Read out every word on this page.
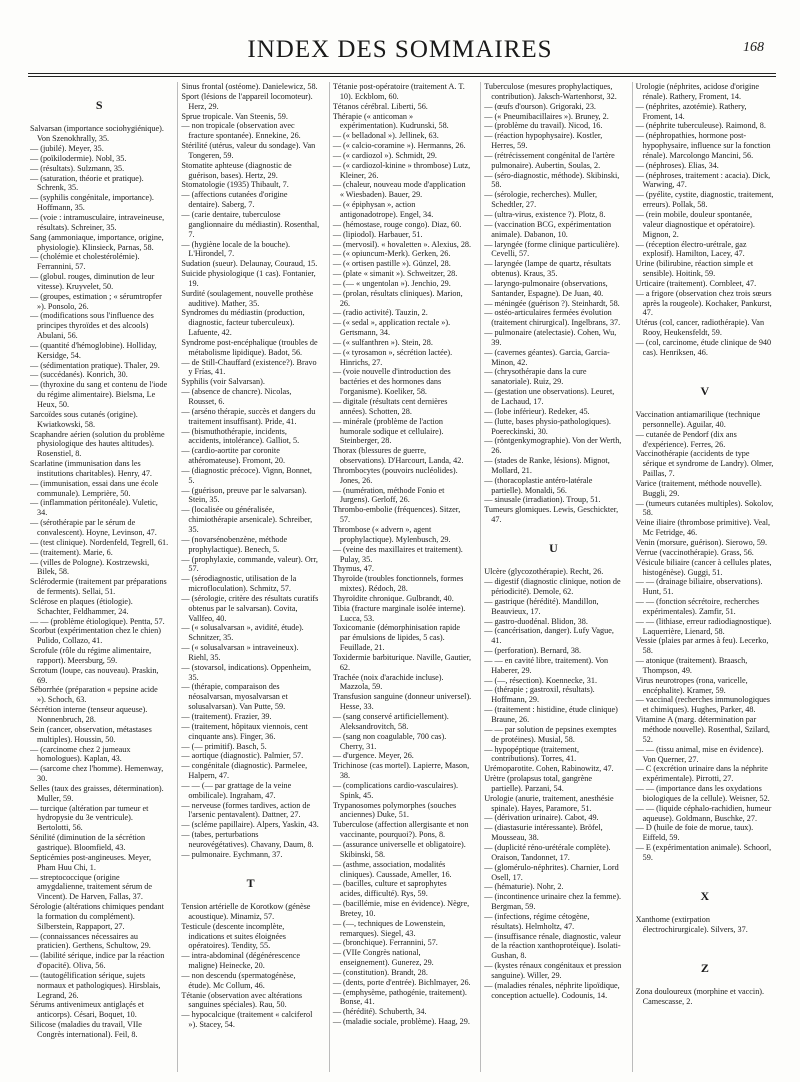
INDEX DES SOMMAIRES	168
S
Salvarsan (importance sociohygiénique). Von Szenokhrally, 35.
— (jubilé). Meyer, 35.
— (poïkilodermie). Nobl, 35.
— (résultats). Sulzmann, 35.
— (saturation, théorie et pratique). Schrenk, 35.
— (syphilis congénitale, importance). Hoffmann, 35.
— (voie : intramusculaire, intraveineuse, résultats). Schreiner, 35.
Sang (ammoniaque, importance, origine, physiologie). Klinsieck, Parnas, 58.
— (cholémie et cholestérolémie). Ferrannini, 57.
— (globul. rouges, diminution de leur vitesse). Kruyvelet, 50.
— (groupes, estimation ; « sérumtropfer »). Ponsolo, 26.
— (modifications sous l'influence des principes thyroïdes et des alcools) Abulani, 56.
— (quantité d'hémoglobine). Holliday, Kersidge, 54.
— (sédimentation pratique). Thaler, 29.
— (succédanés). Konrich, 30.
— (thyroxine du sang et contenu de l'iode du régime alimentaire). Bielsma, Le Heux, 50.
Sarcoïdes sous cutanés (origine). Kwiatkowski, 58.
Scaphandre aérien (solution du problème physiologique des hautes altitudes). Rosenstiel, 8.
Scarlatine (immunisation dans les institutions charitables). Henry, 47.
— (immunisation, essai dans une école communale). Lemprière, 50.
— (inflammation péritonéale). Vuletic, 34.
— (sérothérapie par le sérum de convalescent). Hoyne, Levinson, 47.
— (test clinique). Nordenfeld, Tegrell, 61.
— (traitement). Marie, 6.
— (villes de Pologne). Kostrzewski, Bilek, 58.
Sclérodermie (traitement par préparations de ferments). Sellai, 51.
Sclérose en plaques (étiologie). Schachter, Feldhammer, 24.
— — (problème étiologique). Pentta, 57.
Scorbut (expérimentation chez le chien) Pulido, Collazo, 41.
Scrofule (rôle du régime alimentaire, rapport). Meersburg, 59.
Scrotum (loupe, cas nouveau). Praskin, 69.
Séborrhée (préparation « pepsine acide »). Schoch, 63.
Sécrétion interne (tenseur aqueuse). Nonnenbruch, 28.
Sein (cancer, observation, métastases multiples). Houssin, 50.
— (carcinome chez 2 jumeaux homologues). Kaplan, 43.
— (sarcome chez l'homme). Hemenway, 30.
Selles (taux des graisses, détermination). Muller, 59.
— turcique (altération par tumeur et hydropysie du 3e ventricule). Bertolotti, 56.
Sénilité (diminution de la sécrétion gastrique). Bloomfield, 43.
Septicémies post-angineuses. Meyer, Pham Huu Chi, 1.
— streptococcique (origine amygdalienne, traitement sérum de Vincent). De Harven, Fallas, 37.
Sérologie (altérations chimiques pendant la formation du complément). Silberstein, Rappaport, 27.
— (connaissances nécessaires au praticien). Gerthens, Schultow, 29.
— (labilité sérique, indice par la réaction d'opacité). Oliva, 56.
— (tautogélification sérique, sujets normaux et pathologiques). Hirsblais, Legrand, 26.
Sérums antivenimeux antiglaçés et anticorps). Césari, Boquet, 10.
Silicose (maladies du travail, VIIe Congrès international). Feil, 8.
Sinus frontal (ostéome). Danielewicz, 58.
Sport (lésions de l'appareil locomoteur). Herz, 29.
Sprue tropicale. Van Steenis, 59.
— non tropicale (observation avec fracture spontanée). Ennekine, 26.
Stérilité (utérus, valeur du sondage). Van Tongeren, 59.
Stomatite aphteuse (diagnostic de guérison, bases). Hertz, 29.
Stomatologie (1935) Thibault, 7.
— (affections cutanées d'origine dentaire). Saberg, 7.
— (carie dentaire, tuberculose ganglionnaire du médiastin). Rosenthal, 7.
— (hygiène locale de la bouche). L'Hirondel, 7.
Sudation (sueur). Delaunay, Couraud, 15.
Suicide physiologique (1 cas). Fontanier, 19.
Surdité (soulagement, nouvelle prothèse auditive). Mather, 35.
Syndromes du médiastin (production, diagnostic, facteur tuberculeux). Lafuente, 42.
Syndrome post-encéphalique (troubles de métabolisme lipidique). Badot, 56.
— de Still-Chauffard (existence?). Bravo y Frías, 41.
Syphilis (voir Salvarsan).
— (absence de chancre). Nicolas, Rousset, 6.
— (arséno thérapie, succès et dangers du traitement insuffisant). Pride, 41.
— (bismuthothérapie, incidents, accidents, intolérance). Galliot, 5.
— (cardio-aortite par coronite athéromateuse). Fromont, 20.
— (diagnostic précoce). Vignn, Bonnet, 5.
— (guérison, preuve par le salvarsan). Stein, 35.
— (localisée ou généralisée, chimiothérapie arsenicale). Schreiber, 35.
— (novarsénobenzène, méthode prophylactique). Benech, 5.
— (prophylaxie, commande, valeur). Orr, 57.
— (sérodiagnostic, utilisation de la microfloculation). Schmitz, 57.
— (sérologie, critère des résultats curatifs obtenus par le salvarsan). Covita, Vallfeo, 40.
— (« solusalvarsan », avidité, étude). Schnitzer, 35.
— (« solusalvarsan » intraveineux). Riehl, 35.
— (stovarsol, indications). Oppenheim, 35.
— (thérapie, comparaison des néosalvarsan, myosalvarsan et solusalvarsan). Van Putte, 59.
— (traitement). Frazier, 39.
— (traitement, hôpitaux viennois, cent cinquante ans). Finger, 36.
— (— primitif). Basch, 5.
— aortique (diagnostic). Palmier, 57.
— congénitale (diagnostic). Parmelee, Halpern, 47.
— — (— par grattage de la veine ombilicale). Ingraham, 47.
— nerveuse (formes tardives, action de l'arsenic pentavalent). Dattner, 27.
— (scléme papillaire). Alpers, Yaskin, 43.
— (tabes, perturbations neurovégétatives). Chavany, Daum, 8.
— pulmonaire. Eychmann, 37.
T
Tension artérielle de Korotkow (génèse acoustique). Minamiz, 57.
Testicule (descente incomplète, indications et suites éloignées opératoires). Tendity, 55.
— intra-abdominal (dégénérescence maligne) Heinecke, 20.
— non descendu (spermatogénèse, étude). Mc Collum, 46.
Tétanie (observation avec altérations sanguines spéciales). Rau, 50.
— hypocalcique (traitement « calciferol »). Stacey, 54.
Tétanie post-opératoire (traitement A. T. 10). Eckblom, 60.
Tétanos cérébral. Liberti, 56.
Thérapie (« anticoman » expérimentation). Kudrunski, 58.
— (« belladonal »). Jellinek, 63.
— (« calcio-coramine »). Hermanns, 26.
— (« cardiozol »). Schmidt, 29.
— (« cardiozol-kinine » thrombose) Lutz, Kleiner, 26.
— (chaleur, nouveau mode d'application « Wiesbaden). Bauer, 29.
— (« épiphysan », action antigonadotrope). Engel, 34.
— (hémostase, rouge congo). Diaz, 60.
— (lipiodol). Harbauer, 51.
— (mervosil). « hovaletten ». Alexius, 28.
— (« opiuncum-Merk). Gerken, 26.
— (« ortisen pastille »). Günzel, 28.
— (plate « simanit »). Schweitzer, 28.
— (— « ungentolan »). Jenchio, 29.
— (prolan, résultats cliniques). Marion, 26.
— (radio activité). Tauzin, 2.
— (« sedal », application rectale »). Gertsmann, 34.
— (« sulfanthren »). Stein, 28.
— (« tyrosamon », sécrétion lactée). Hinrichs, 27.
— (voie nouvelle d'introduction des bactéries et des hormones dans l'organisme). Koeliker, 58.
— digitale (résultats cent dernières années). Schotten, 28.
— minérale (problème de l'action humorale sodique et cellulaire). Steinberger, 28.
Thorax (blessures de guerre, observations). D'Harcourt, Landa, 42.
Thrombocytes (pouvoirs nucléolides). Jones, 26.
— (numération, méthode Fonio et Jurgens). Gerloff, 26.
Thrombo-embolie (fréquences). Sitzer, 57.
Thrombose (« advern », agent prophylactique). Mylenbusch, 29.
— (veine des maxillaires et traitement). Pulay, 35.
Thymus, 47.
Thyroïde (troubles fonctionnels, formes mixtes). Rédoch, 28.
Thyroïdite chronique. Gulbrandt, 40.
Tibia (fracture marginale isolée interne). Lucca, 53.
Toxicomanie (démorphinisation rapide par émulsions de lipides, 5 cas). Feuillade, 21.
Toxidermie barbiturique. Naville, Gautier, 62.
Trachée (noix d'arachide incluse). Mazzola, 59.
Transfusion sanguine (donneur universel). Hesse, 33.
— (sang conservé artificiellement). Aleksandrovitch, 58.
— (sang non coagulable, 700 cas). Cherry, 31.
— d'urgence. Meyer, 26.
Trichinose (cas mortel). Lapierre, Mason, 38.
— (complications cardio-vasculaires). Spink, 45.
Trypanosomes polymorphes (souches anciennes) Duke, 51.
Tuberculose (affection allergisante et non vaccinante, pourquoi?). Pons, 8.
— (assurance universelle et obligatoire). Skibinski, 58.
— (asthme, association, modalités cliniques). Caussade, Ameller, 16.
— (bacilles, culture et saprophytes acides, difficulté). Rys, 59.
— (bacillémie, mise en évidence). Nègre, Bretey, 10.
— (—, techniques de Lowenstein, remarques). Siegel, 43.
— (bronchique). Ferrannini, 57.
— (VIIe Congrès national, enseignement). Gunerez, 29.
— (constitution). Brandt, 28.
— (dents, porte d'entrée). Bichlmayer, 26.
— (emphysème, pathogénie, traitement). Bonse, 41.
— (hérédité). Schuberth, 34.
— (maladie sociale, problème). Haag, 29.
Tuberculose (mesures prophylactiques, contribution). Jaksch-Wartenhorst, 32.
— (œufs d'ourson). Grigoraki, 23.
— (« Pneumibacillaires »). Bruney, 2.
— (problème du travail). Nicod, 16.
— (réaction hypophysaire). Kostler, Herres, 59.
— (rétrécissement congénital de l'artère pulmonaire). Aubertin, Soulas, 2.
— (séro-diagnostic, méthode). Skibinski, 58.
— (sérologie, recherches). Muller, Schedtler, 27.
— (ultra-virus, existence ?). Plotz, 8.
— (vaccination BCG, expérimentation animale). Dabanon, 10.
— laryngée (forme clinique particulière). Cevelli, 57.
— laryngée (lampe de quartz, résultats obtenus). Kraus, 35.
— laryngo-pulmonaire (observations, Santander, Espagne). De Juan, 40.
— méningée (guérison ?). Steinhardt, 58.
— ostéo-articulaires fermées évolution (traitement chirurgical). Ingelbrans, 37.
— pulmonaire (atelectasie). Cohen, Wu, 39.
— (cavernes géantes). Garcia, Garcia-Minon, 42.
— (chrysothérapie dans la cure sanatoriale). Ruiz, 29.
— (gestation une observations). Leuret, de Lachaud, 17.
— (lobe inférieur). Redeker, 45.
— (lutte, bases physio-pathologiques). Poereckinski, 30.
— (röntgenkymographie). Von der Werth, 26.
— (stades de Ranke, lésions). Mignot, Mollard, 21.
— (thoracoplastie antéro-latérale partielle). Monaldi, 56.
— sinusale (irradiation). Troup, 51.
Tumeurs glomiques. Lewis, Geschickter, 47.
U
Ulcère (glycozothérapie). Recht, 26.
— digestif (diagnostic clinique, notion de périodicité). Demole, 62.
— gastrique (hérédité). Mandillon, Beauvieux, 17.
— gastro-duodénal. Blidon, 38.
— (cancérisation, danger). Lufy Vague, 41.
— (perforation). Bernard, 38.
— — en cavité libre, traitement). Von Haberer, 29.
— (—, résection). Koennecke, 31.
— (thérapie ; gastroxil, résultats). Hoffmann, 29.
— (traitement : histidine, étude clinique) Braune, 26.
— — par solution de pepsines exemptes de protéines). Musial, 58.
— hypopéptique (traitement, contributions). Torres, 41.
Urémoparotite. Cohen, Rabinowitz, 47.
Urètre (prolapsus total, gangrène partielle). Parzani, 54.
Urologie (anurie, traitement, anesthésie spinale). Hayes, Paramore, 51.
— (dérivation urinaire). Cabot, 49.
— (diastasurie intéressante). Bröfel, Mousseau, 38.
— (duplicité réno-urétérale complète). Oraison, Tandonnet, 17.
— (glomérulo-néphrites). Charnier, Lord Osell, 17.
— (hématurie). Nohr, 2.
— (incontinence urinaire chez la femme). Bergman, 59.
— (infections, régime cétogène, résultats). Helmholtz, 47.
— (insuffisance rénale, diagnostic, valeur de la réaction xanthoprotéique). Isolati-Gushan, 8.
— (kystes rénaux congénitaux et pression sanguine). Willer, 29.
— (maladies rénales, néphrite lipoïdique, conception actuelle). Codounis, 14.
Urologie (néphrites, acidose d'origine rénale). Rathery, Froment, 14.
— (néphrites, azotémie). Rathery, Froment, 14.
— (néphrite tuberculeuse). Raimond, 8.
— (néphropathies, hormone post-hypophysaire, influence sur la fonction rénale). Marcolongo Mancini, 56.
— (néphroses). Elias, 34.
— (néphroses, traitement : acacia). Dick, Warwing, 47.
— (pyélite, cystite, diagnostic, traitement, erreurs). Pollak, 58.
— (rein mobile, douleur spontanée, valeur diagnostique et opératoire). Mignon, 2.
— (réception électro-urétrale, gaz explosif). Hamilton, Lacey, 47.
Urine (bilirubine, réaction simple et sensible). Hoitink, 59.
Urticaire (traitement). Cornbleet, 47.
— a frigore (observation chez trois sœurs après la rougeole). Kochaker, Pankurst, 47.
Utérus (col, cancer, radiothérapie). Van Rooy, Heukensfeldt, 59.
— (col, carcinome, étude clinique de 940 cas). Henriksen, 46.
V
Vaccination antiamarilique (technique personnelle). Aguilar, 40.
— cutanée de Pendorf (dix ans d'expérience). Ferres, 26.
Vaccinothérapie (accidents de type sérique et syndrome de Landry). Olmer, Paillas, 7.
Varice (traitement, méthode nouvelle). Buggli, 29.
— (tumeurs cutanées multiples). Sokolov, 58.
Veine iliaire (thrombose primitive). Veal, Mc Fetridge, 46.
Venin (morsure, guérison). Sierowo, 59.
Verrue (vaccinothérapie). Grass, 56.
Vésicule biliaire (cancer à cellules plates, histogénèse). Guggi, 51.
— — (drainage biliaire, observations). Hunt, 51.
— — (fonction sécrétoire, recherches expérimentales). Zamfir, 51.
— — (lithiase, erreur radiodiagnostique). Laquerrière, Lienard, 58.
Vessie (plaies par armes à feu). Lecerko, 58.
— atonique (traitement). Braasch, Thompson, 49.
Virus neurotropes (rona, varicelle, encéphalite). Kramer, 59.
— vaccinal (recherches immunologiques et chimiques). Hughes, Parker, 48.
Vitamine A (marg. détermination par méthode nouvelle). Rosenthal, Szilard, 52.
— — (tissu animal, mise en évidence). Von Querner, 27.
— C (excrétion urinaire dans la néphrite expérimentale). Pirrotti, 27.
— — (importance dans les oxydations biologiques de la cellule). Weisner, 52.
— — (liquide céphalo-rachidien, humeur aqueuse). Goldmann, Buschke, 27.
— D (huile de foie de morue, taux). Eiffeld, 59.
— E (expérimentation animale). Schoorl, 59.
X
Xanthome (extirpation électrochirurgicale). Silvers, 37.
Z
Zona douloureux (morphine et vaccin). Camescasse, 2.
